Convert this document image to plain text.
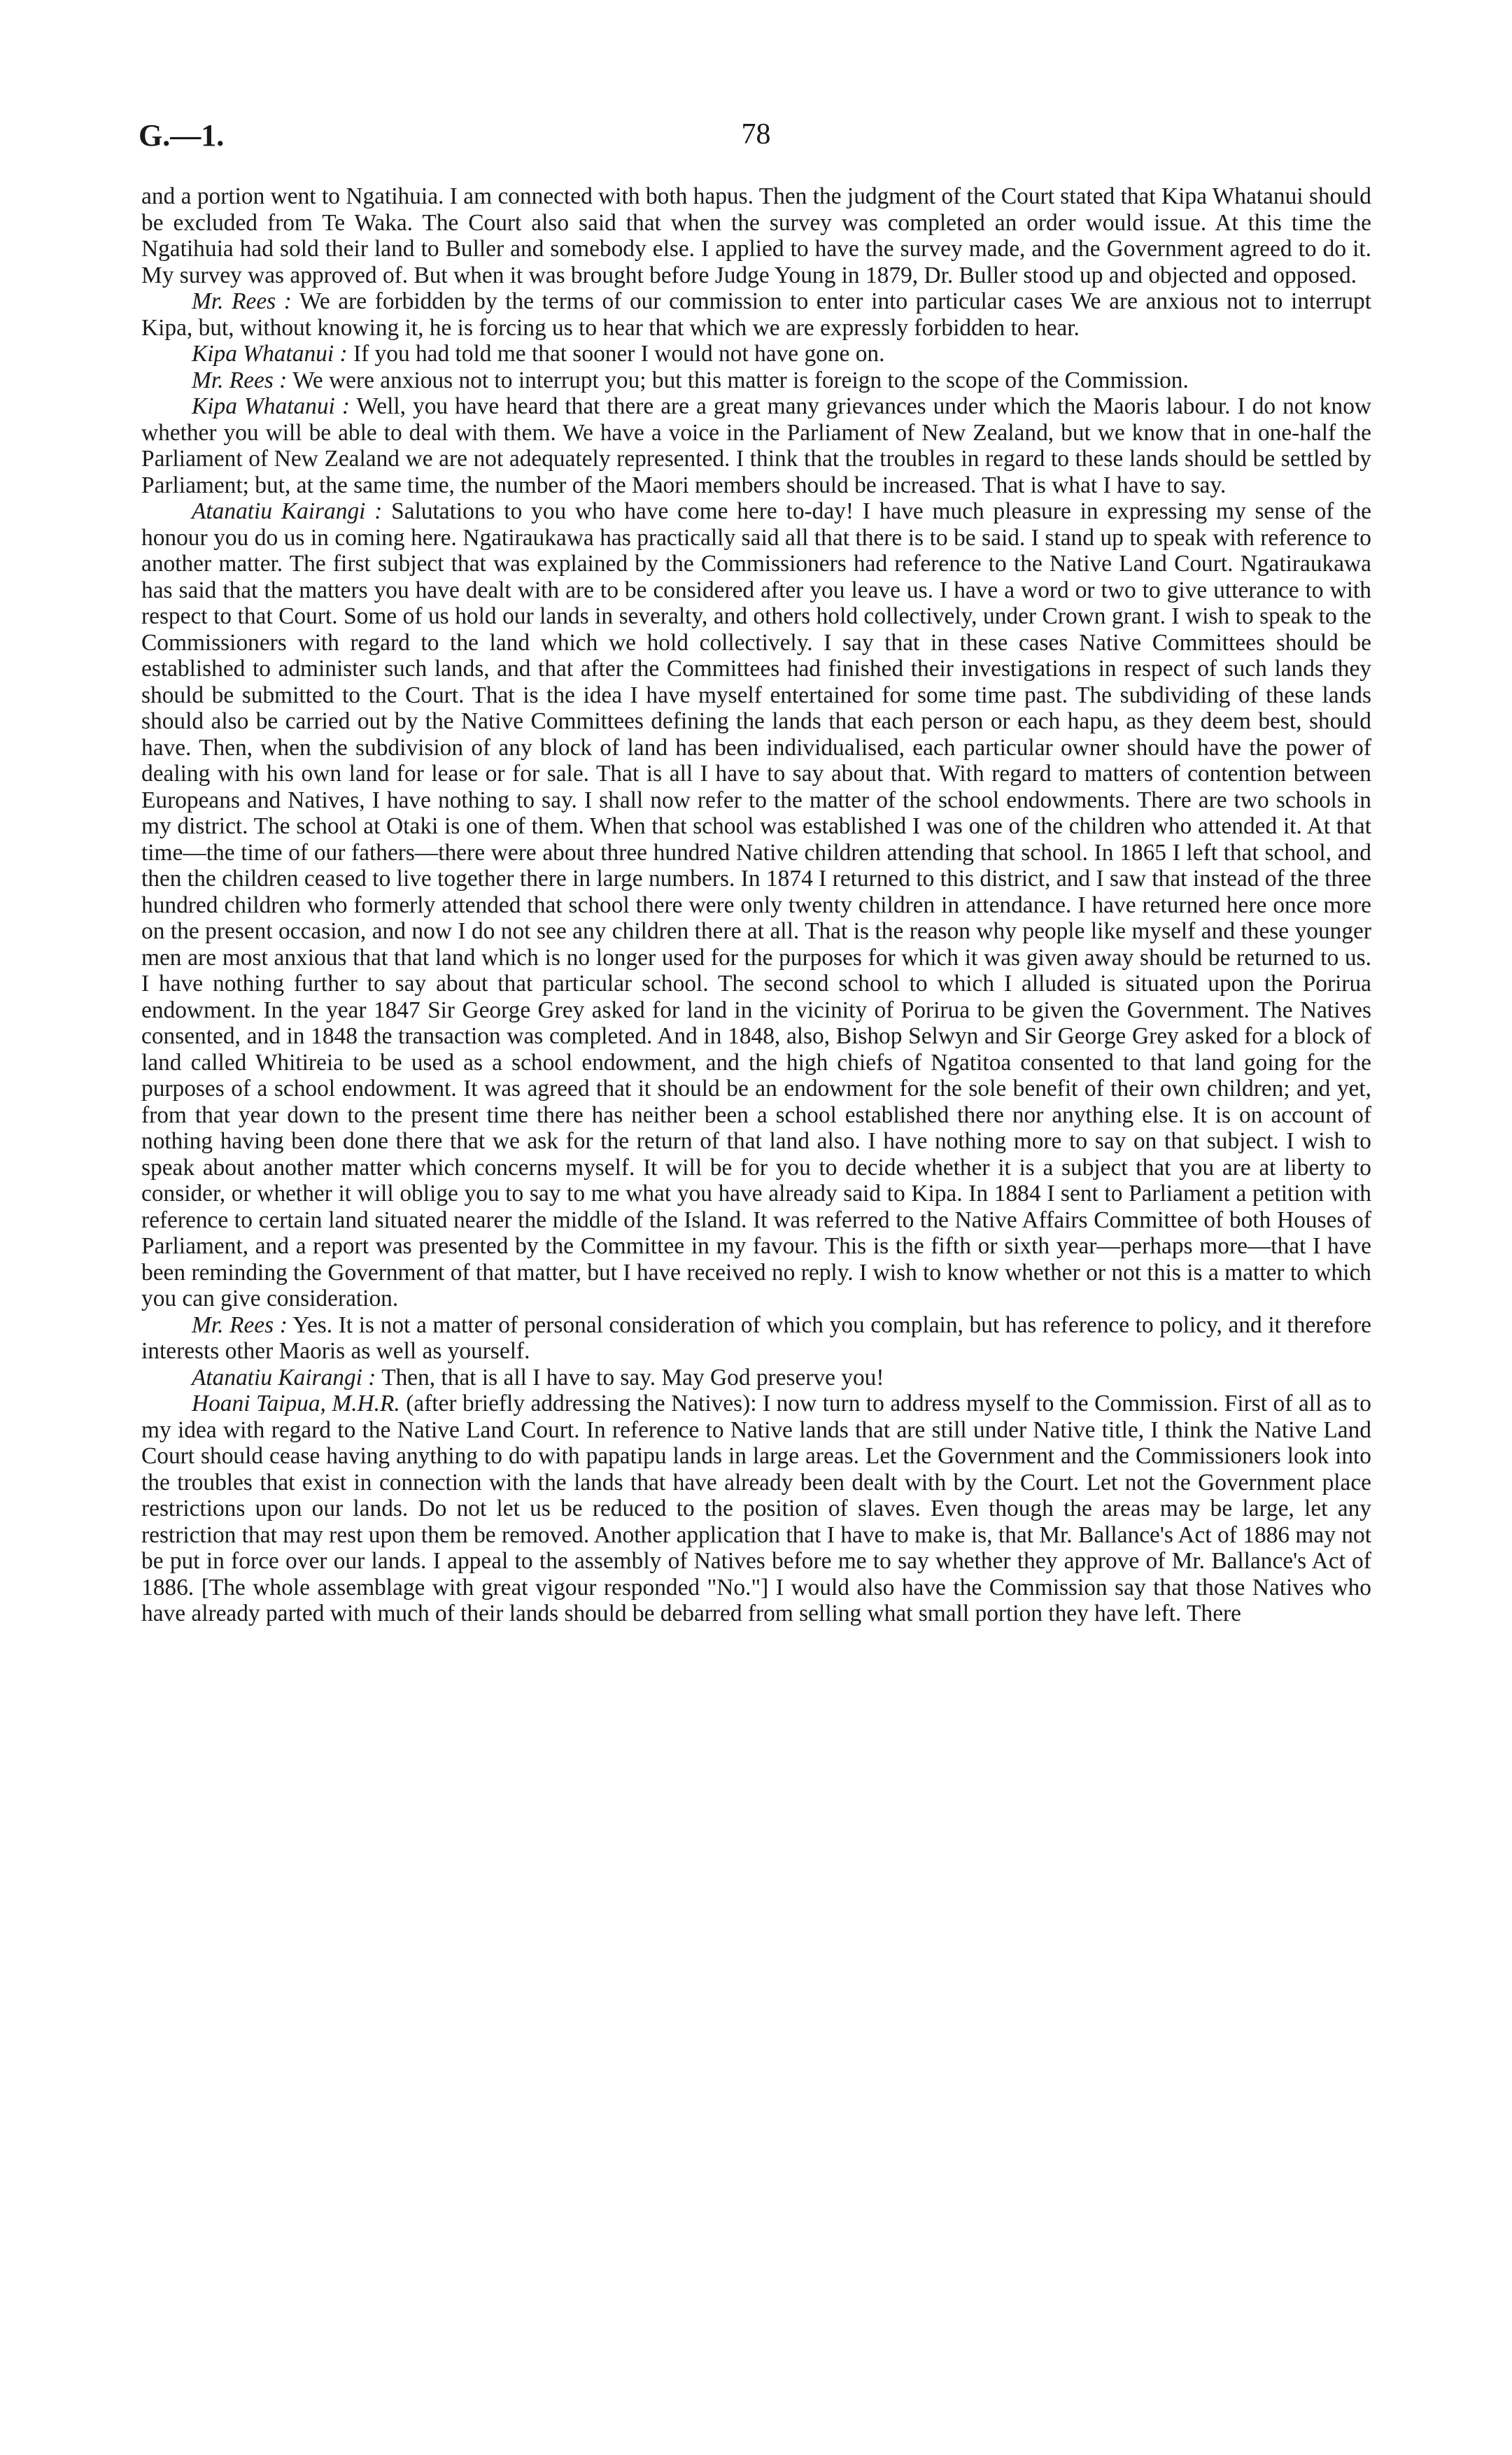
G.—1.	78

and a portion went to Ngatihuia. I am connected with both hapus. Then the judgment of the Court stated that Kipa Whatanui should be excluded from Te Waka. The Court also said that when the survey was completed an order would issue. At this time the Ngatihuia had sold their land to Buller and somebody else. I applied to have the survey made, and the Government agreed to do it. My survey was approved of. But when it was brought before Judge Young in 1879, Dr. Buller stood up and objected and opposed.

Mr. Rees : We are forbidden by the terms of our commission to enter into particular cases We are anxious not to interrupt Kipa, but, without knowing it, he is forcing us to hear that which we are expressly forbidden to hear.

Kipa Whatanui : If you had told me that sooner I would not have gone on.

Mr. Rees : We were anxious not to interrupt you; but this matter is foreign to the scope of the Commission.

Kipa Whatanui : Well, you have heard that there are a great many grievances under which the Maoris labour. I do not know whether you will be able to deal with them. We have a voice in the Parliament of New Zealand, but we know that in one-half the Parliament of New Zealand we are not adequately represented. I think that the troubles in regard to these lands should be settled by Parliament; but, at the same time, the number of the Maori members should be increased. That is what I have to say.

Atanatiu Kairangi : Salutations to you who have come here to-day! I have much pleasure in expressing my sense of the honour you do us in coming here. Ngatiraukawa has practically said all that there is to be said. I stand up to speak with reference to another matter. The first subject that was explained by the Commissioners had reference to the Native Land Court. Ngatiraukawa has said that the matters you have dealt with are to be considered after you leave us. I have a word or two to give utterance to with respect to that Court. Some of us hold our lands in severalty, and others hold collectively, under Crown grant. I wish to speak to the Commissioners with regard to the land which we hold collectively. I say that in these cases Native Committees should be established to administer such lands, and that after the Committees had finished their investigations in respect of such lands they should be submitted to the Court. That is the idea I have myself entertained for some time past. The subdividing of these lands should also be carried out by the Native Committees defining the lands that each person or each hapu, as they deem best, should have. Then, when the subdivision of any block of land has been individualised, each particular owner should have the power of dealing with his own land for lease or for sale. That is all I have to say about that. With regard to matters of contention between Europeans and Natives, I have nothing to say. I shall now refer to the matter of the school endowments. There are two schools in my district. The school at Otaki is one of them. When that school was established I was one of the children who attended it. At that time—the time of our fathers—there were about three hundred Native children attending that school. In 1865 I left that school, and then the children ceased to live together there in large numbers. In 1874 I returned to this district, and I saw that instead of the three hundred children who formerly attended that school there were only twenty children in attendance. I have returned here once more on the present occasion, and now I do not see any children there at all. That is the reason why people like myself and these younger men are most anxious that that land which is no longer used for the purposes for which it was given away should be returned to us. I have nothing further to say about that particular school. The second school to which I alluded is situated upon the Porirua endowment. In the year 1847 Sir George Grey asked for land in the vicinity of Porirua to be given the Government. The Natives consented, and in 1848 the transaction was completed. And in 1848, also, Bishop Selwyn and Sir George Grey asked for a block of land called Whitireia to be used as a school endowment, and the high chiefs of Ngatitoa consented to that land going for the purposes of a school endowment. It was agreed that it should be an endowment for the sole benefit of their own children; and yet, from that year down to the present time there has neither been a school established there nor anything else. It is on account of nothing having been done there that we ask for the return of that land also. I have nothing more to say on that subject. I wish to speak about another matter which concerns myself. It will be for you to decide whether it is a subject that you are at liberty to consider, or whether it will oblige you to say to me what you have already said to Kipa. In 1884 I sent to Parliament a petition with reference to certain land situated nearer the middle of the Island. It was referred to the Native Affairs Committee of both Houses of Parliament, and a report was presented by the Committee in my favour. This is the fifth or sixth year—perhaps more—that I have been reminding the Government of that matter, but I have received no reply. I wish to know whether or not this is a matter to which you can give consideration.

Mr. Rees : Yes. It is not a matter of personal consideration of which you complain, but has reference to policy, and it therefore interests other Maoris as well as yourself.

Atanatiu Kairangi : Then, that is all I have to say. May God preserve you!

Hoani Taipua, M.H.R. (after briefly addressing the Natives): I now turn to address myself to the Commission. First of all as to my idea with regard to the Native Land Court. In reference to Native lands that are still under Native title, I think the Native Land Court should cease having anything to do with papatipu lands in large areas. Let the Government and the Commissioners look into the troubles that exist in connection with the lands that have already been dealt with by the Court. Let not the Government place restrictions upon our lands. Do not let us be reduced to the position of slaves. Even though the areas may be large, let any restriction that may rest upon them be removed. Another application that I have to make is, that Mr. Ballance's Act of 1886 may not be put in force over our lands. I appeal to the assembly of Natives before me to say whether they approve of Mr. Ballance's Act of 1886. [The whole assemblage with great vigour responded "No."] I would also have the Commission say that those Natives who have already parted with much of their lands should be debarred from selling what small portion they have left. There
